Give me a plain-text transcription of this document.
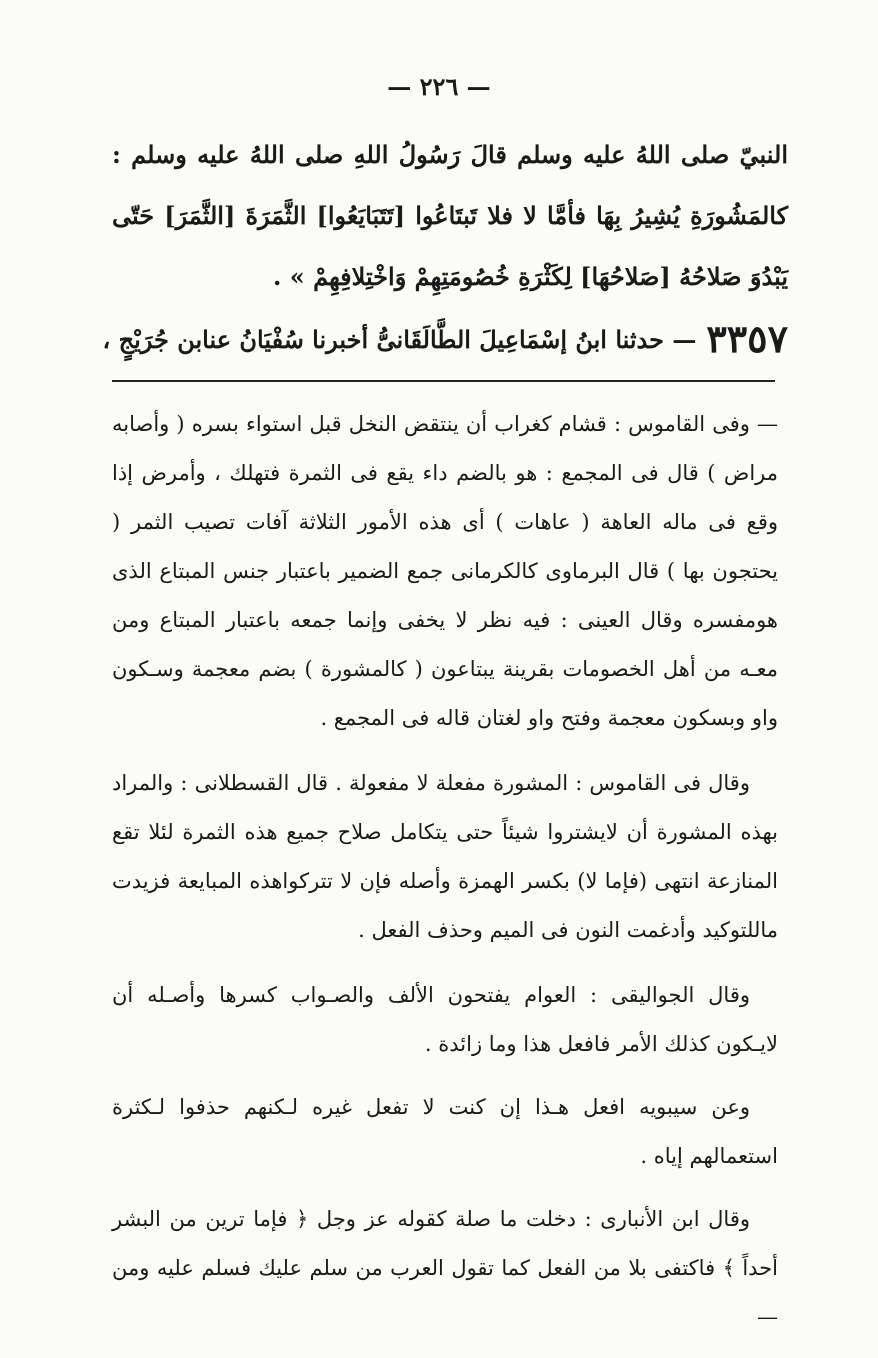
— ٢٢٦ —
النبيّ صلى اللهُ عليه وسلم قالَ رَسُولُ اللهِ صلى اللهُ عليه وسلم : كالمَشُورَةِ يُشِيرُ بِهَا فأمَّا لا فلا تَبتَاعُوا [تَتَبَايَعُوا] الثَّمَرَةَ [الثَّمَرَ] حَتّى يَبْدُوَ صَلاحُهُ [صَلاحُهَا] لِكَثْرَةِ خُصُومَتِهِمْ وَاخْتِلافِهِمْ » .
٣٣٥٧— حدثنا ابنُ إسْمَاعِيلَ الطَّالَقَانىُّ أخبرنا سُفْيَانُ عنابن جُرَيْجٍ ،

— وفى القاموس : قشام كغراب أن ينتقض النخل قبل استواء بسره ( وأصابه مراض ) قال فى المجمع : هو بالضم داء يقع فى الثمرة فتهلك ، وأمرض إذا وقع فى ماله العاهة ( عاهات ) أى هذه الأمور الثلاثة آفات تصيب الثمر ( يحتجون بها ) قال البرماوى كالكرمانى جمع الضمير باعتبار جنس المبتاع الذى هومفسره وقال العينى : فيه نظر لا يخفى وإنما جمعه باعتبار المبتاع ومن معـه من أهل الخصومات بقرينة يبتاعون ( كالمشورة ) بضم معجمة وسـكون واو وبسكون معجمة وفتح واو لغتان قاله فى المجمع .

وقال فى القاموس : المشورة مفعلة لا مفعولة . قال القسطلانى : والمراد بهذه المشورة أن لايشتروا شيئاً حتى يتكامل صلاح جميع هذه الثمرة لئلا تقع المنازعة انتهى (فإما لا) بكسر الهمزة وأصله فإن لا تتركواهذه المبايعة فزيدت ماللتوكيد وأدغمت النون فى الميم وحذف الفعل .

وقال الجواليقى : العوام يفتحون الألف والصـواب كسرها وأصـله أن لايـكون كذلك الأمر فافعل هذا وما زائدة .

وعن سيبويه افعل هـذا إن كنت لا تفعل غيره لـكنهم حذفوا لـكثرة استعمالهم إياه .

وقال ابن الأنبارى : دخلت ما صلة كقوله عز وجل ﴿ فإما ترين من البشر أحداً ﴾ فاكتفى بلا من الفعل كما تقول العرب من سلم عليك فسلم عليه ومن —
